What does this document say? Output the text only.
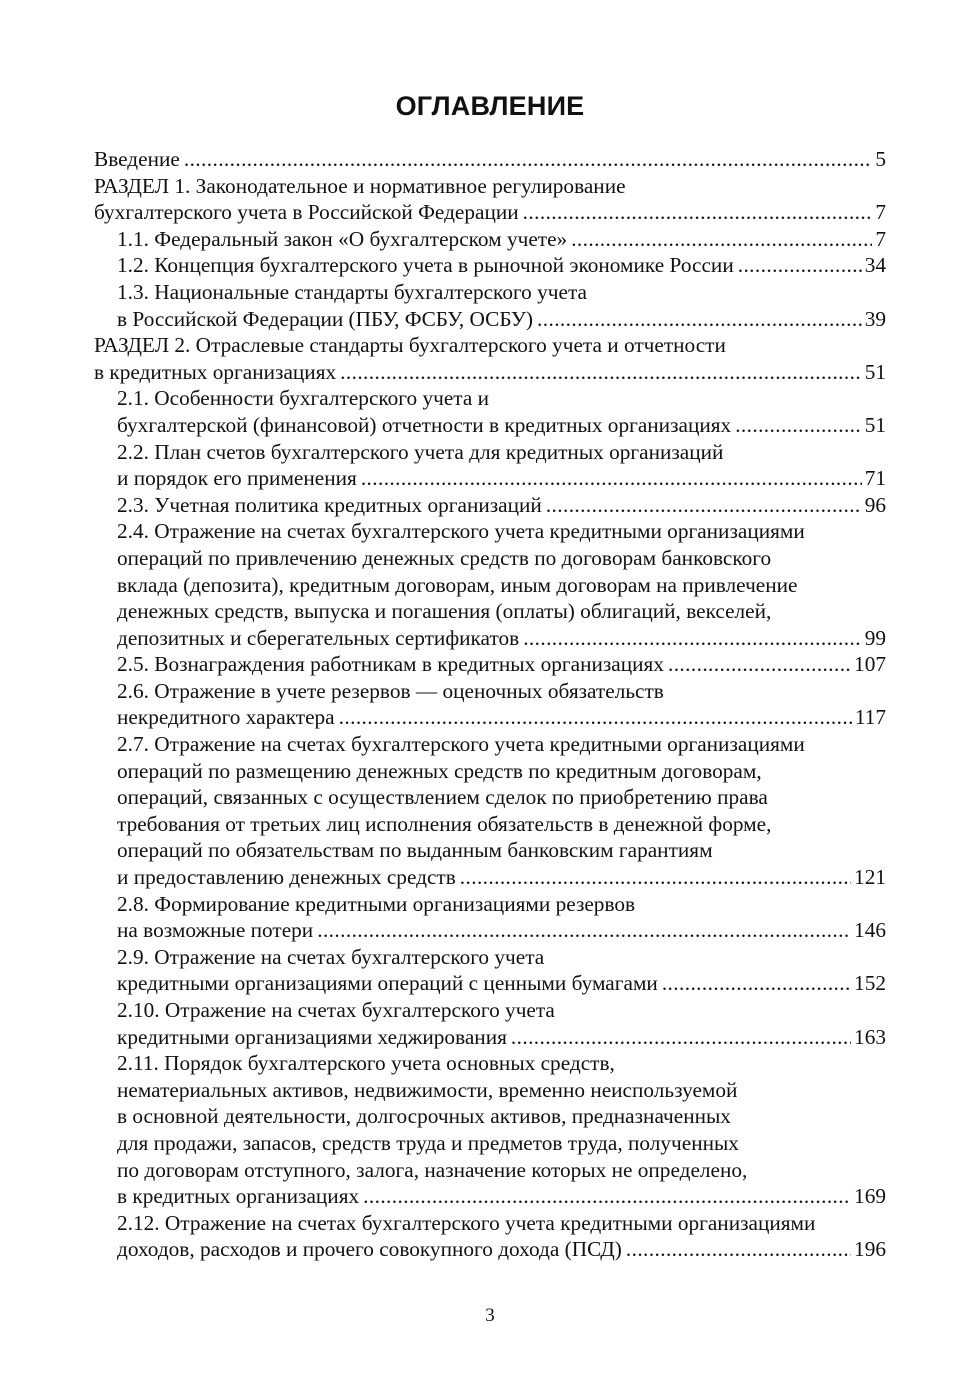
ОГЛАВЛЕНИЕ
Введение .....	5
РАЗДЕЛ 1. Законодательное и нормативное регулирование
бухгалтерского учета в Российской Федерации .....	7
1.1. Федеральный закон «О бухгалтерском учете» .....	7
1.2. Концепция бухгалтерского учета в рыночной экономике России .....	34
1.3. Национальные стандарты бухгалтерского учета
в Российской Федерации (ПБУ, ФСБУ, ОСБУ) .....	39
РАЗДЕЛ 2. Отраслевые стандарты бухгалтерского учета и отчетности
в кредитных организациях .....	51
2.1. Особенности бухгалтерского учета и
бухгалтерской (финансовой) отчетности в кредитных организациях .....	51
2.2. План счетов бухгалтерского учета для кредитных организаций
и порядок его применения .....	71
2.3. Учетная политика кредитных организаций .....	96
2.4. Отражение на счетах бухгалтерского учета кредитными организациями
операций по привлечению денежных средств по договорам банковского
вклада (депозита), кредитным договорам, иным договорам на привлечение
денежных средств, выпуска и погашения (оплаты) облигаций, векселей,
депозитных и сберегательных сертификатов .....	99
2.5. Вознаграждения работникам в кредитных организациях .....	107
2.6. Отражение в учете резервов — оценочных обязательств
некредитного характера .....	117
2.7. Отражение на счетах бухгалтерского учета кредитными организациями
операций по размещению денежных средств по кредитным договорам,
операций, связанных с осуществлением сделок по приобретению права
требования от третьих лиц исполнения обязательств в денежной форме,
операций по обязательствам по выданным банковским гарантиям
и предоставлению денежных средств .....	121
2.8. Формирование кредитными организациями резервов
на возможные потери .....	146
2.9. Отражение на счетах бухгалтерского учета
кредитными организациями операций с ценными бумагами .....	152
2.10. Отражение на счетах бухгалтерского учета
кредитными организациями хеджирования .....	163
2.11. Порядок бухгалтерского учета основных средств,
нематериальных активов, недвижимости, временно неиспользуемой
в основной деятельности, долгосрочных активов, предназначенных
для продажи, запасов, средств труда и предметов труда, полученных
по договорам отступного, залога, назначение которых не определено,
в кредитных организациях .....	169
2.12. Отражение на счетах бухгалтерского учета кредитными организациями
доходов, расходов и прочего совокупного дохода (ПСД) .....	196
3
